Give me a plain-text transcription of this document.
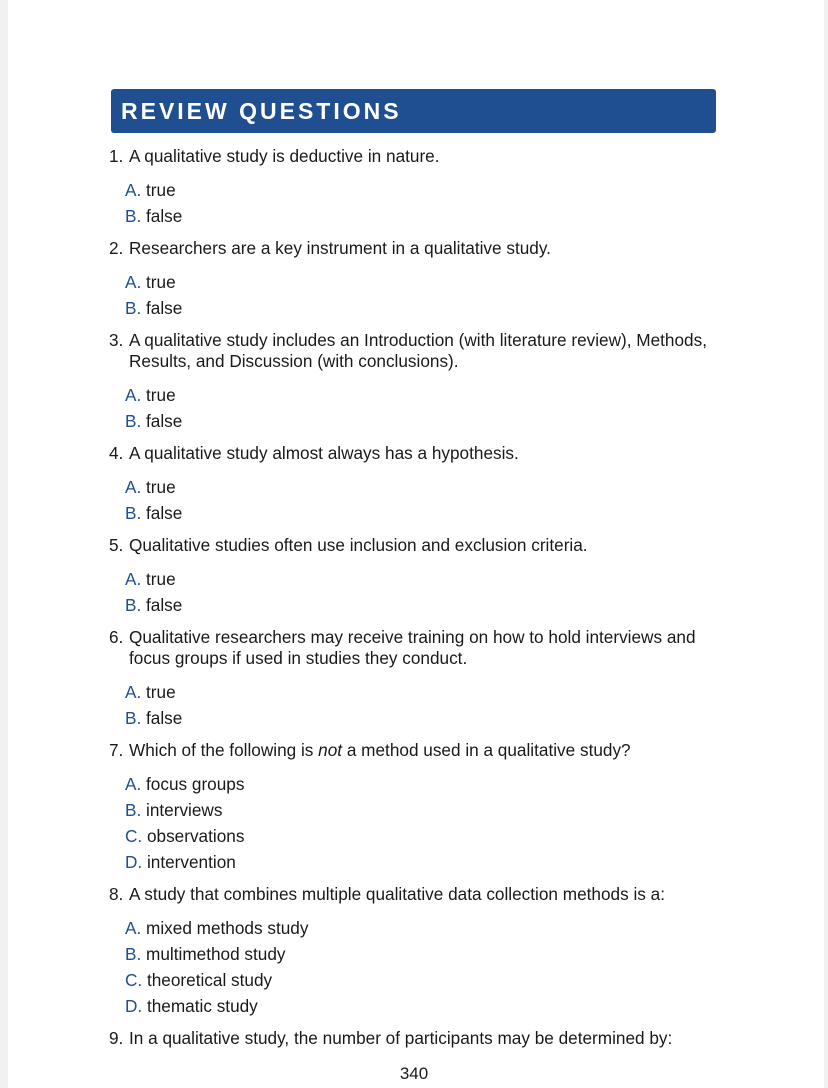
REVIEW QUESTIONS
1. A qualitative study is deductive in nature.
A. true
B. false
2. Researchers are a key instrument in a qualitative study.
A. true
B. false
3. A qualitative study includes an Introduction (with literature review), Methods, Results, and Discussion (with conclusions).
A. true
B. false
4. A qualitative study almost always has a hypothesis.
A. true
B. false
5. Qualitative studies often use inclusion and exclusion criteria.
A. true
B. false
6. Qualitative researchers may receive training on how to hold interviews and focus groups if used in studies they conduct.
A. true
B. false
7. Which of the following is not a method used in a qualitative study?
A. focus groups
B. interviews
C. observations
D. intervention
8. A study that combines multiple qualitative data collection methods is a:
A. mixed methods study
B. multimethod study
C. theoretical study
D. thematic study
9. In a qualitative study, the number of participants may be determined by:
340
